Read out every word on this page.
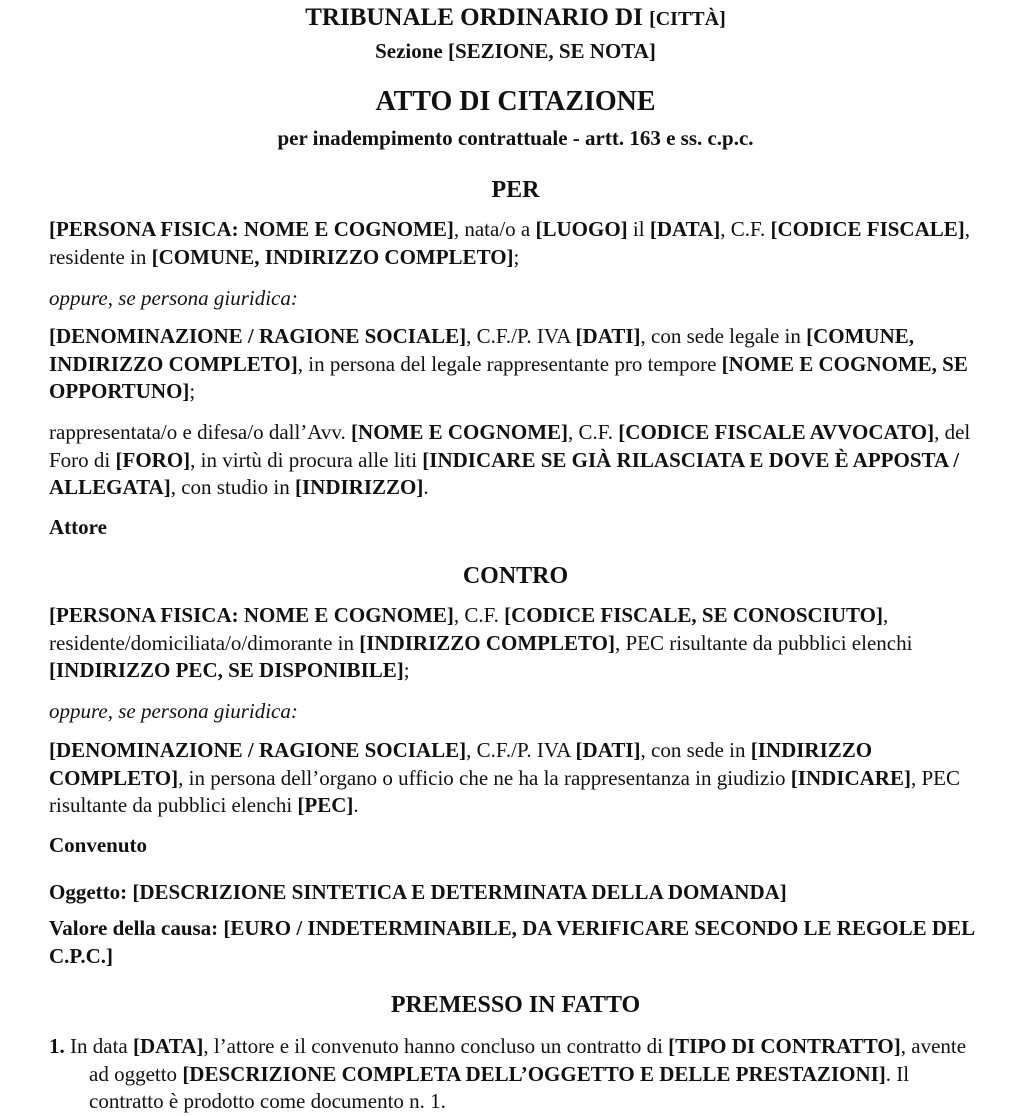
TRIBUNALE ORDINARIO DI [CITTÀ]
Sezione [SEZIONE, SE NOTA]
ATTO DI CITAZIONE
per inadempimento contrattuale - artt. 163 e ss. c.p.c.
PER

[PERSONA FISICA: NOME E COGNOME], nata/o a [LUOGO] il [DATA], C.F. [CODICE FISCALE], residente in [COMUNE, INDIRIZZO COMPLETO];

oppure, se persona giuridica:

[DENOMINAZIONE / RAGIONE SOCIALE], C.F./P. IVA [DATI], con sede legale in [COMUNE, INDIRIZZO COMPLETO], in persona del legale rappresentante pro tempore [NOME E COGNOME, SE OPPORTUNO];

rappresentata/o e difesa/o dall’Avv. [NOME E COGNOME], C.F. [CODICE FISCALE AVVOCATO], del Foro di [FORO], in virtù di procura alle liti [INDICARE SE GIÀ RILASCIATA E DOVE È APPOSTA / ALLEGATA], con studio in [INDIRIZZO].

Attore
CONTRO

[PERSONA FISICA: NOME E COGNOME], C.F. [CODICE FISCALE, SE CONOSCIUTO], residente/domiciliata/o/dimorante in [INDIRIZZO COMPLETO], PEC risultante da pubblici elenchi [INDIRIZZO PEC, SE DISPONIBILE];

oppure, se persona giuridica:

[DENOMINAZIONE / RAGIONE SOCIALE], C.F./P. IVA [DATI], con sede in [INDIRIZZO COMPLETO], in persona dell’organo o ufficio che ne ha la rappresentanza in giudizio [INDICARE], PEC risultante da pubblici elenchi [PEC].

Convenuto

Oggetto: [DESCRIZIONE SINTETICA E DETERMINATA DELLA DOMANDA]

Valore della causa: [EURO / INDETERMINABILE, DA VERIFICARE SECONDO LE REGOLE DEL C.P.C.]

PREMESSO IN FATTO

1. In data [DATA], l’attore e il convenuto hanno concluso un contratto di [TIPO DI CONTRATTO], avente ad oggetto [DESCRIZIONE COMPLETA DELL’OGGETTO E DELLE PRESTAZIONI]. Il contratto è prodotto come documento n. 1.
